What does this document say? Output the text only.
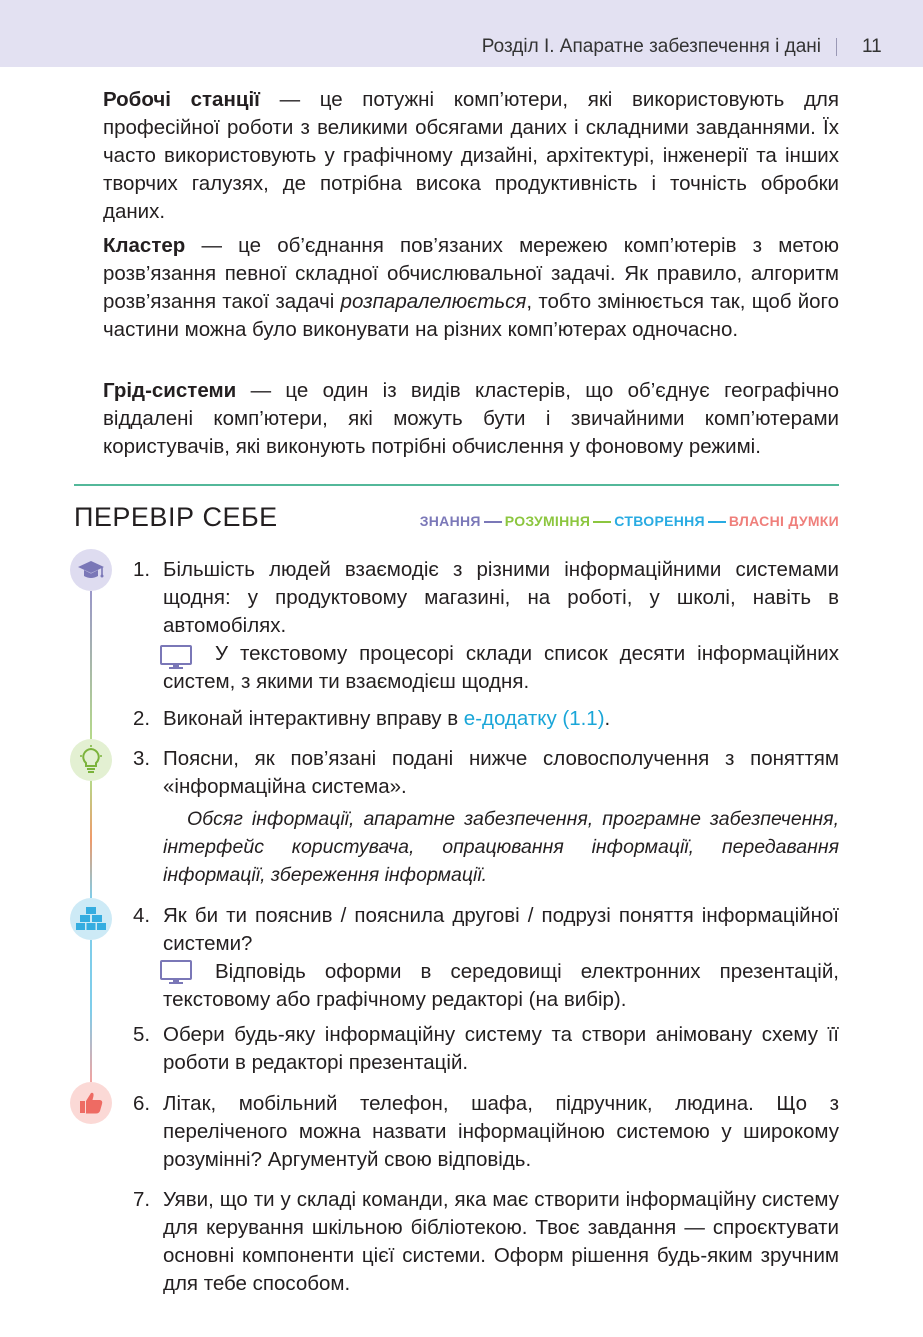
Розділ I. Апаратне забезпечення і дані 11
Робочі станції — це потужні комп’ютери, які використовують для професійної роботи з великими обсягами даних і складними завданнями. Їх часто використовують у графічному дизайні, архітектурі, інженерії та інших творчих галузях, де потрібна висока продуктивність і точність обробки даних.
Кластер — це об’єднання пов’язаних мережею комп’ютерів з метою розв’язання певної складної обчислювальної задачі. Як правило, алгоритм розв’язання такої задачі розпаралелюється, тобто змінюється так, щоб його частини можна було виконувати на різних комп’ютерах одночасно.
Грід-системи — це один із видів кластерів, що об’єднує географічно віддалені комп’ютери, які можуть бути і звичайними комп’ютерами користувачів, які виконують потрібні обчислення у фоновому режимі.
ПЕРЕВІР СЕБЕ	ЗНАННЯ РОЗУМІННЯ СТВОРЕННЯ ВЛАСНІ ДУМКИ
1. Більшість людей взаємодіє з різними інформаційними системами щодня: у продуктовому магазині, на роботі, у школі, навіть в автомобілях.
У текстовому процесорі склади список десяти інформаційних систем, з якими ти взаємодієш щодня.
2. Виконай інтерактивну вправу в е-додатку (1.1).
3. Поясни, як пов’язані подані нижче словосполучення з поняттям «інформаційна система».
Обсяг інформації, апаратне забезпечення, програмне забезпечення, інтерфейс користувача, опрацювання інформації, передавання інформації, збереження інформації.
4. Як би ти пояснив / пояснила другові / подрузі поняття інформаційної системи?
Відповідь оформи в середовищі електронних презентацій, текстовому або графічному редакторі (на вибір).
5. Обери будь-яку інформаційну систему та створи анімовану схему її роботи в редакторі презентацій.
6. Літак, мобільний телефон, шафа, підручник, людина. Що з переліченого можна назвати інформаційною системою у широкому розумінні? Аргументуй свою відповідь.
7. Уяви, що ти у складі команди, яка має створити інформаційну систему для керування шкільною бібліотекою. Твоє завдання — спроєктувати основні компоненти цієї системи. Оформ рішення будь-яким зручним для тебе способом.
